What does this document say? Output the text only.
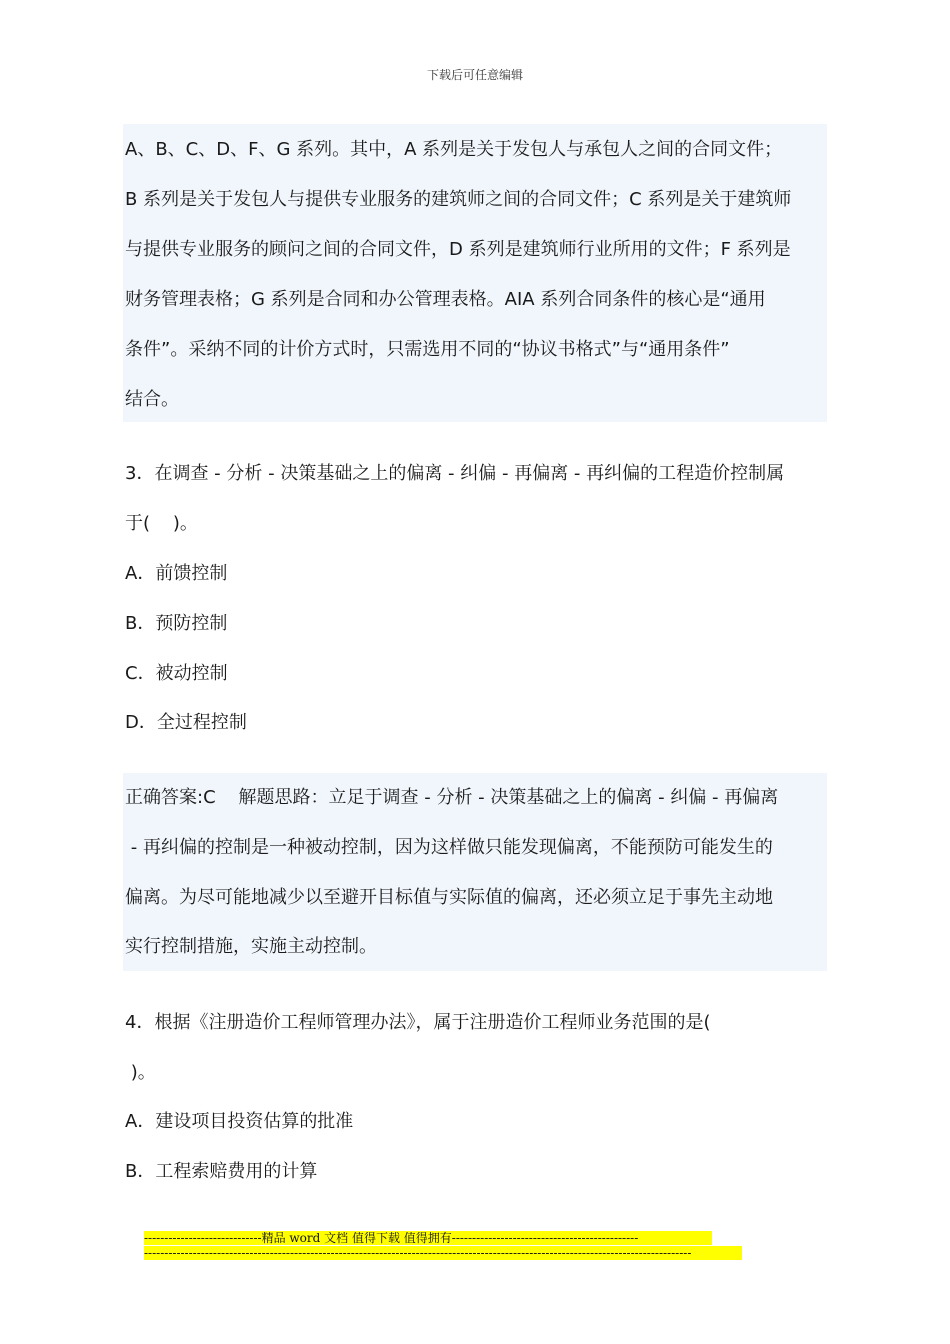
下载后可任意编辑
A、B、C、D、F、G 系列。其中，A 系列是关于发包人与承包人之间的合同文件；
B 系列是关于发包人与提供专业服务的建筑师之间的合同文件；C 系列是关于建筑师
与提供专业服务的顾问之间的合同文件，D 系列是建筑师行业所用的文件；F 系列是
财务管理表格；G 系列是合同和办公管理表格。AIA 系列合同条件的核心是“通用
条件”。采纳不同的计价方式时，只需选用不同的“协议书格式”与“通用条件”
结合。
3．在调查 - 分析 - 决策基础之上的偏离 - 纠偏 - 再偏离 - 再纠偏的工程造价控制属
于(    )。
A．前馈控制
B．预防控制
C．被动控制
D．全过程控制
正确答案:C    解题思路：立足于调查 - 分析 - 决策基础之上的偏离 - 纠偏 - 再偏离
- 再纠偏的控制是一种被动控制，因为这样做只能发现偏离，不能预防可能发生的
偏离。为尽可能地减少以至避开目标值与实际值的偏离，还必须立足于事先主动地
实行控制措施，实施主动控制。
4．根据《注册造价工程师管理办法》，属于注册造价工程师业务范围的是(
)。
A．建设项目投资估算的批准
B．工程索赔费用的计算
-----------------------------精品 word 文档 值得下载 值得拥有----------------------------------------------
---------------------------------------------------------------------------------------------------------------------------------------
